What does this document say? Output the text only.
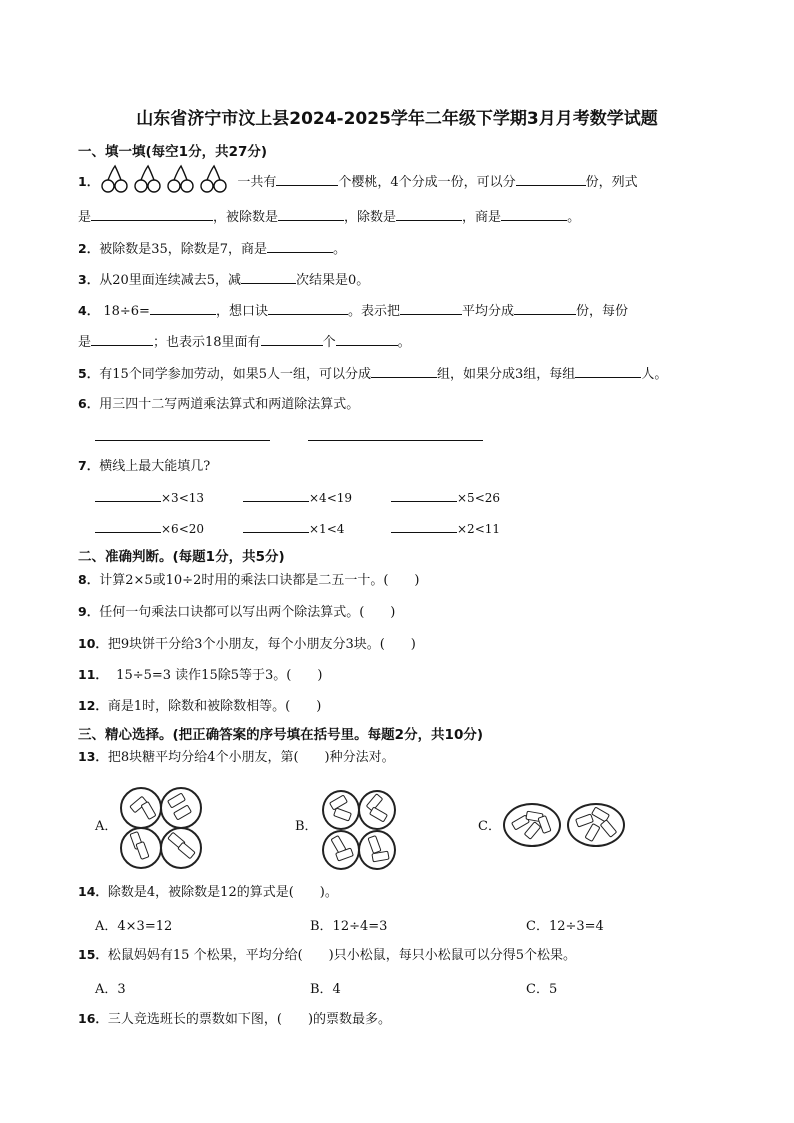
山东省济宁市汶上县2024-2025学年二年级下学期3月月考数学试题
一、填一填(每空1分，共27分)
1．	一共有	个樱桃，4个分成一份，可以分	份，列式
是	，被除数是	，除数是	，商是	。
2．被除数是35，除数是7，商是	。
3．从20里面连续减去5，减	次结果是0。
4． 18÷6=	，想口诀	。表示把	平均分成	份，每份
是	；也表示18里面有	个	。
5．有15个同学参加劳动，如果5人一组，可以分成	组，如果分成3组，每组	人。
6．用三四十二写两道乘法算式和两道除法算式。
7．横线上最大能填几?
×3<13	×4<19	×5<26
×6<20	×1<4	×2<11
二、准确判断。(每题1分，共5分)
8．计算2×5或10÷2时用的乘法口诀都是二五一十。( )
9．任何一句乘法口诀都可以写出两个除法算式。( )
10．把9块饼干分给3个小朋友，每个小朋友分3块。( )
11． 15÷5=3 读作15除5等于3。( )
12．商是1时，除数和被除数相等。( )
三、精心选择。(把正确答案的序号填在括号里。每题2分，共10分)
13．把8块糖平均分给4个小朋友，第( )种分法对。
A．	B．	C．
14．除数是4，被除数是12的算式是( )。
A．4×3=12	B．12÷4=3	C．12÷3=4
15．松鼠妈妈有15 个松果，平均分给( )只小松鼠，每只小松鼠可以分得5个松果。
A．3	B．4	C．5
16．三人竞选班长的票数如下图，( )的票数最多。
